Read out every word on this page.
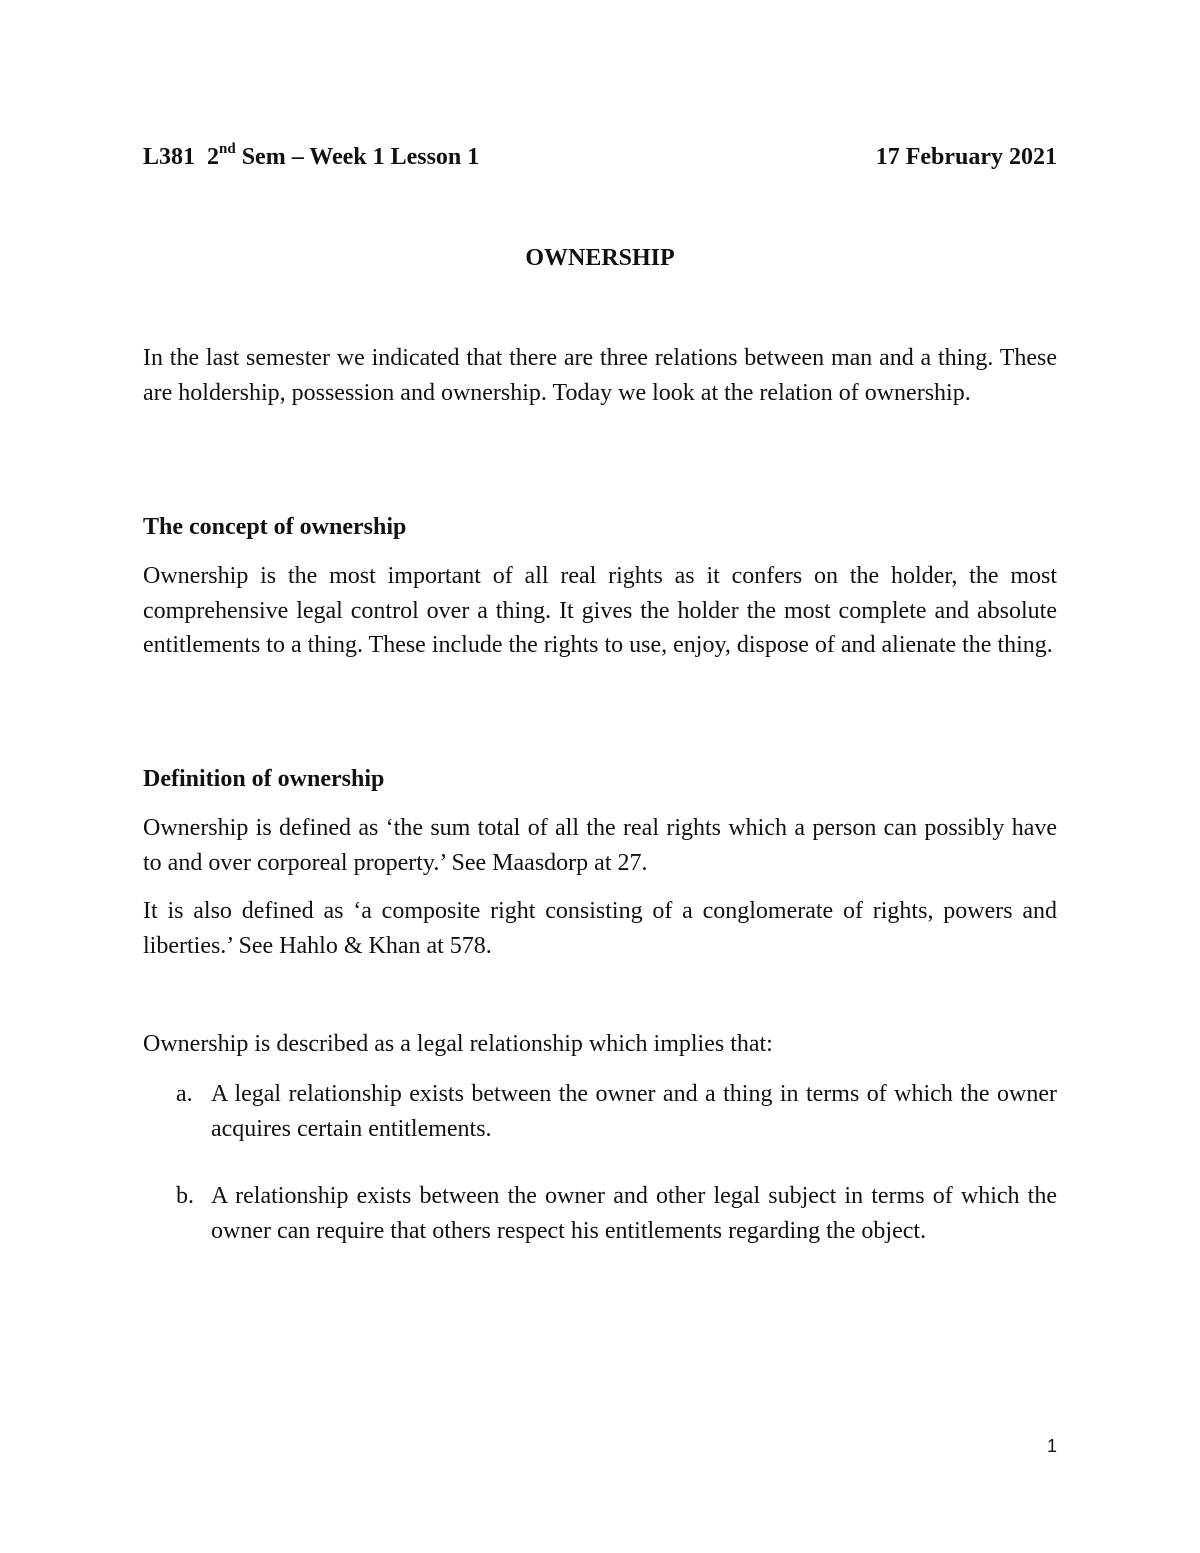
L381 2nd Sem – Week 1 Lesson 1	17 February 2021
OWNERSHIP

In the last semester we indicated that there are three relations between man and a thing. These are holdership, possession and ownership. Today we look at the relation of ownership.

The concept of ownership

Ownership is the most important of all real rights as it confers on the holder, the most comprehensive legal control over a thing. It gives the holder the most complete and absolute entitlements to a thing. These include the rights to use, enjoy, dispose of and alienate the thing.

Definition of ownership

Ownership is defined as ‘the sum total of all the real rights which a person can possibly have to and over corporeal property.’ See Maasdorp at 27.

It is also defined as ‘a composite right consisting of a conglomerate of rights, powers and liberties.’ See Hahlo & Khan at 578.

Ownership is described as a legal relationship which implies that:

a. A legal relationship exists between the owner and a thing in terms of which the owner acquires certain entitlements.
b. A relationship exists between the owner and other legal subject in terms of which the owner can require that others respect his entitlements regarding the object.
1
